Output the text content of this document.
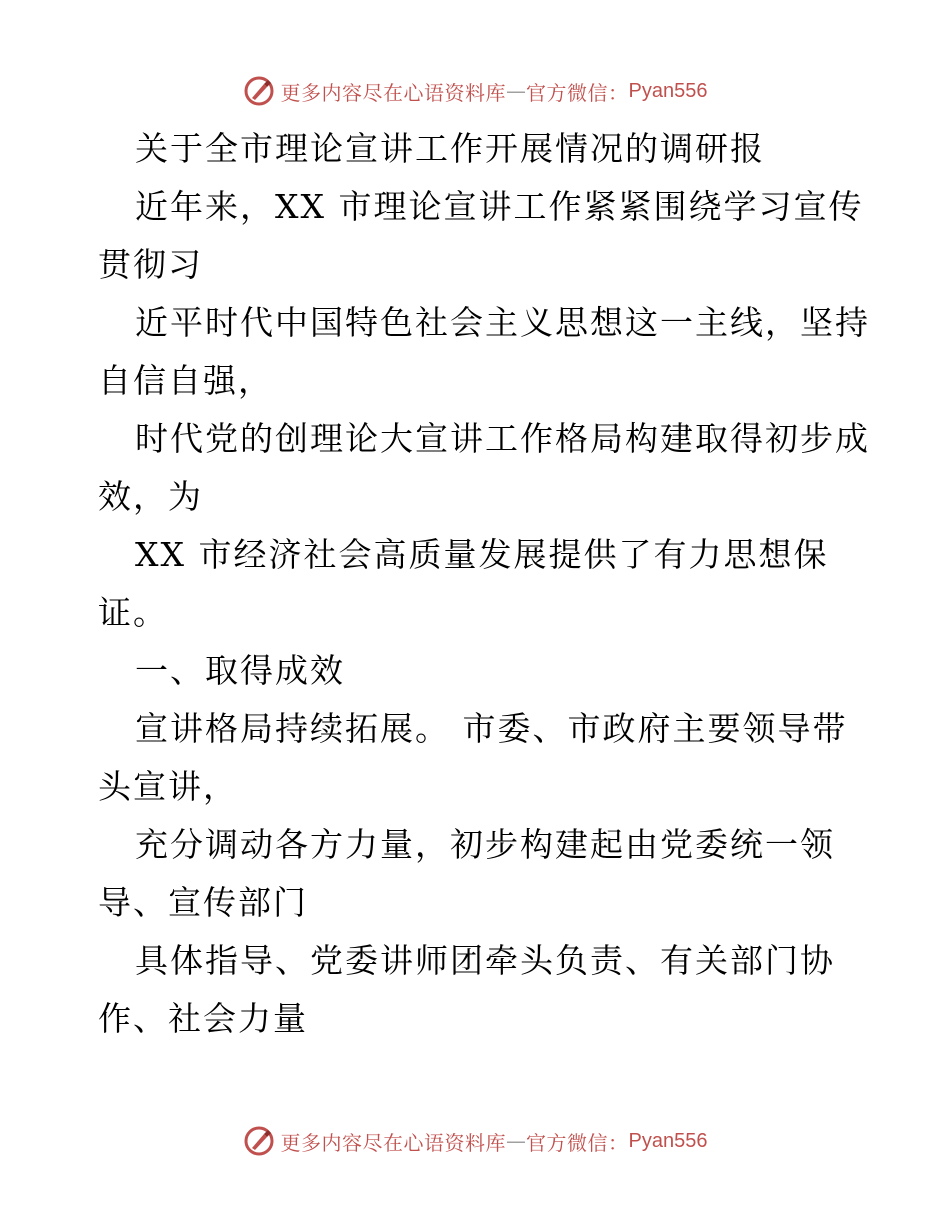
更多内容尽在心语资料库 — 官方微信： Pyan556
关于全市理论宣讲工作开展情况的调研报
近年来，XX 市理论宣讲工作紧紧围绕学习宣传
贯彻习
近平时代中国特色社会主义思想这一主线，坚持
自信自强，
时代党的创理论大宣讲工作格局构建取得初步成
效，为
XX 市经济社会高质量发展提供了有力思想保
证。
一、取得成效
宣讲格局持续拓展。 市委、市政府主要领导带
头宣讲，
充分调动各方力量，初步构建起由党委统一领
导、宣传部门
具体指导、党委讲师团牵头负责、有关部门协
作、社会力量
更多内容尽在心语资料库 — 官方微信： Pyan556
